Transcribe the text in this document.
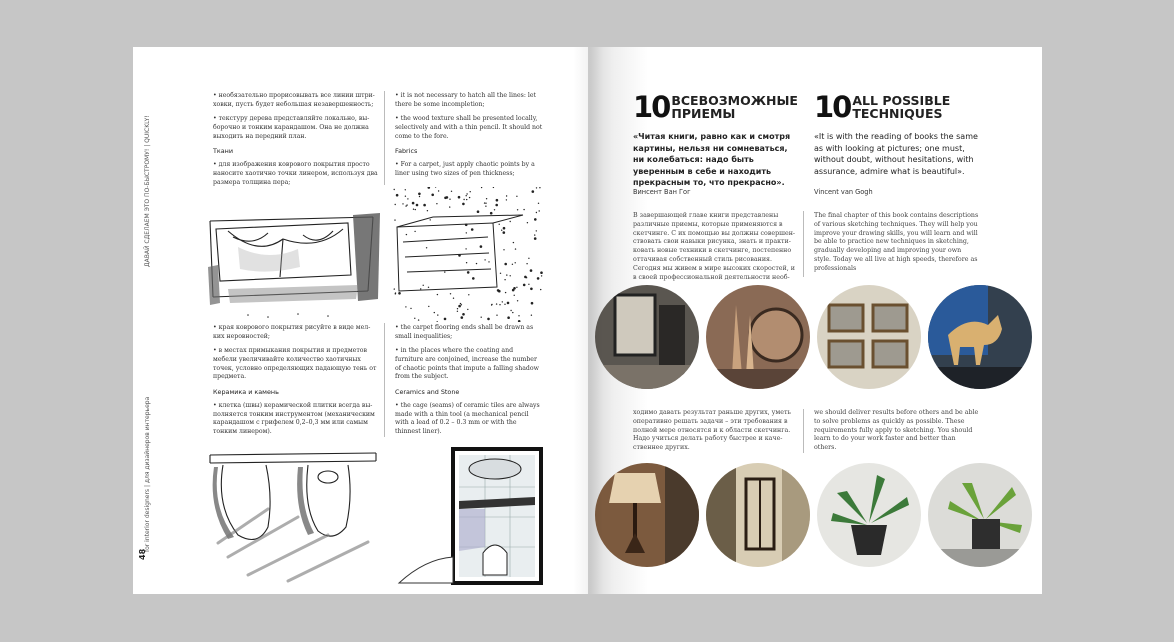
ДАВАЙ СДЕЛАЕМ ЭТО ПО-БЫСТРОМУ! | QUICKLY!
for interior designers | для дизайнеров интерьера
48

• необязательно прорисовывать все линии штри-ховки, пусть будет небольшая незавершенность;

• текстуру дерева представляйте локально, вы-борочно и тонким карандашом. Она не должна выходить на передний план.

Ткани

• для изображения коврового покрытия просто наносите хаотично точки линером, используя два размера толщина пера;

• it is not necessary to hatch all the lines: let there be some incompletion;

• the wood texture shall be presented locally, selectively and with a thin pencil. It should not come to the fore.

Fabrics

• For a carpet, just apply chaotic points by a liner using two sizes of pen thickness;

• края коврового покрытия рисуйте в виде мел-ких неровностей;

• в местах примыкания покрытия и предметов мебели увеличивайте количество хаотичных точек, условно определяющих падающую тень от предмета.

Керамика и камень

• клетка (швы) керамической плитки всегда вы-полняется тонким инструментом (механическим карандашом с грифелем 0,2–0,3 мм или самым тонким линером).

• the carpet flooring ends shall be drawn as small inequalities;

• in the places where the coating and furniture are conjoined, increase the number of chaotic points that impute a falling shadow from the subject.

Ceramics and Stone

• the cage (seams) of ceramic tiles are always made with a thin tool (a mechanical pencil with a lead of 0.2 – 0.3 mm or with the thinnest liner).

10 ВСЕВОЗМОЖНЫЕ
ПРИЕМЫ	10 ALL POSSIBLE
TECHNIQUES
«Читая книги, равно как и смотря картины, нельзя ни сомневаться, ни колебаться: надо быть уверенным в себе и находить прекрасным то, что прекрасно».
Винсент Ван Гог
«It is with the reading of books the same as with looking at pictures; one must, without doubt, without hesitations, with assurance, admire what is beautiful».
Vincent van Gogh
В завершающей главе книги представлены различные приемы, которые применяются в скетчинге. С их помощью вы должны совершен-ствовать свои навыки рисунка, знать и практи-ковать новые техники в скетчинге, постепенно оттачивая собственный стиль рисования. Сегодня мы живем в мире высоких скоростей, и в своей профессиональной деятельности необ-
The final chapter of this book contains descriptions of various sketching techniques. They will help you improve your drawing skills, you will learn and will be able to practice new techniques in sketching, gradually developing and improving your own style. Today we all live at high speeds, therefore as professionals
ходимо давать результат раньше других, уметь оперативно решать задачи – эти требования в полной мере относятся и к области скетчинга. Надо учиться делать работу быстрее и каче-ственнее других.
we should deliver results before others and be able to solve problems as quickly as possible. These requirements fully apply to sketching. You should learn to do your work faster and better than others.
